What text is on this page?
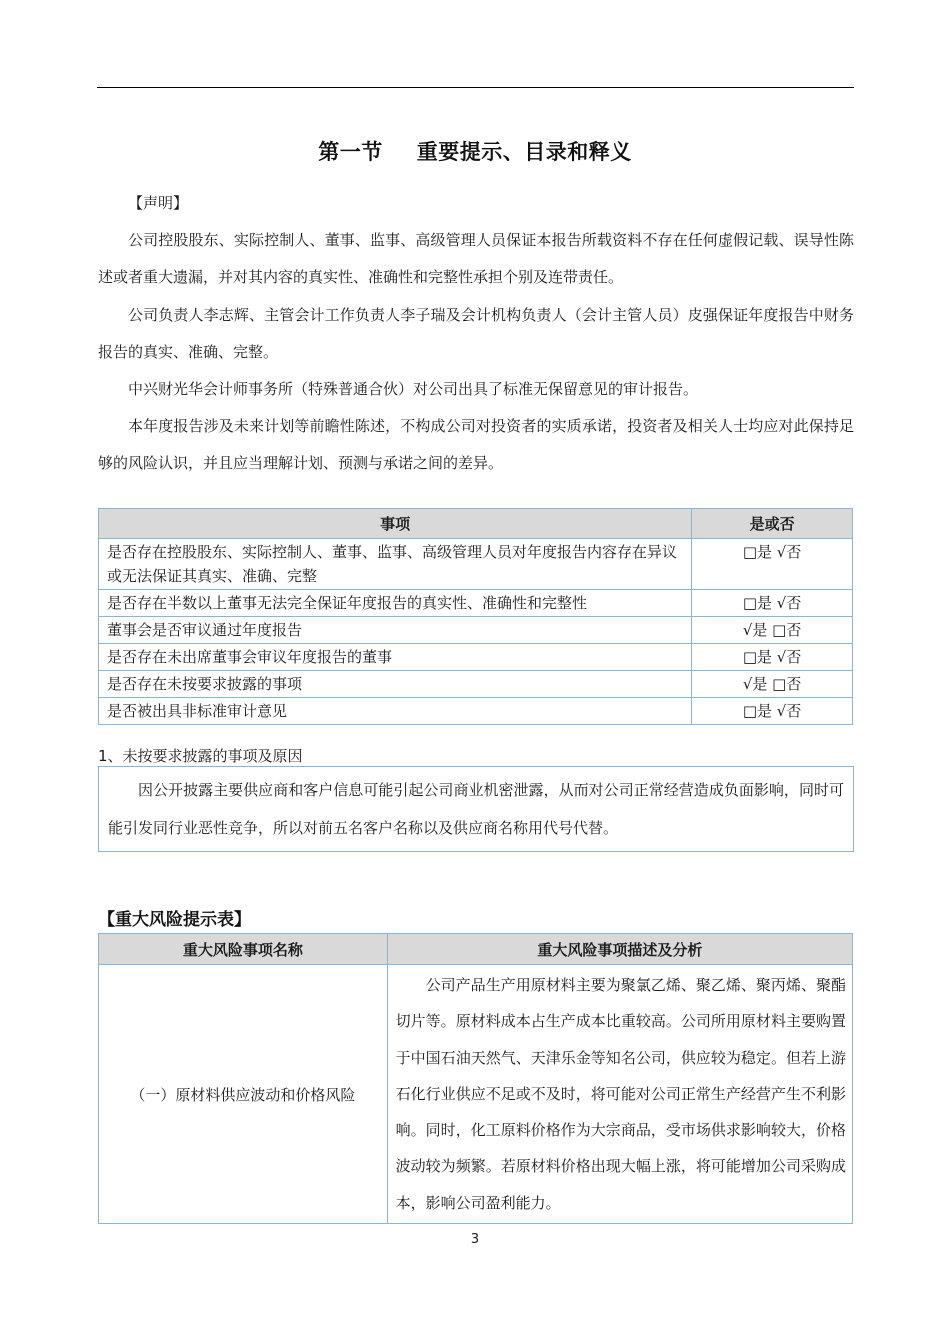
第一节 重要提示、目录和释义
【声明】
公司控股股东、实际控制人、董事、监事、高级管理人员保证本报告所载资料不存在任何虚假记载、误导性陈述或者重大遗漏，并对其内容的真实性、准确性和完整性承担个别及连带责任。
公司负责人李志辉、主管会计工作负责人李子瑞及会计机构负责人（会计主管人员）皮强保证年度报告中财务报告的真实、准确、完整。
中兴财光华会计师事务所（特殊普通合伙）对公司出具了标准无保留意见的审计报告。
本年度报告涉及未来计划等前瞻性陈述，不构成公司对投资者的实质承诺，投资者及相关人士均应对此保持足够的风险认识，并且应当理解计划、预测与承诺之间的差异。
事项	是或否
是否存在控股股东、实际控制人、董事、监事、高级管理人员对年度报告内容存在异议或无法保证其真实、准确、完整	□是 √否
是否存在半数以上董事无法完全保证年度报告的真实性、准确性和完整性	□是 √否
董事会是否审议通过年度报告	√是 □否
是否存在未出席董事会审议年度报告的董事	□是 √否
是否存在未按要求披露的事项	√是 □否
是否被出具非标准审计意见	□是 √否
1、未按要求披露的事项及原因
因公开披露主要供应商和客户信息可能引起公司商业机密泄露，从而对公司正常经营造成负面影响，同时可能引发同行业恶性竞争，所以对前五名客户名称以及供应商名称用代号代替。
【重大风险提示表】
重大风险事项名称	重大风险事项描述及分析
（一）原材料供应波动和价格风险	公司产品生产用原材料主要为聚氯乙烯、聚乙烯、聚丙烯、聚酯切片等。原材料成本占生产成本比重较高。公司所用原材料主要购置于中国石油天然气、天津乐金等知名公司，供应较为稳定。但若上游石化行业供应不足或不及时，将可能对公司正常生产经营产生不利影响。同时，化工原料价格作为大宗商品，受市场供求影响较大，价格波动较为频繁。若原材料价格出现大幅上涨，将可能增加公司采购成本，影响公司盈利能力。
3
